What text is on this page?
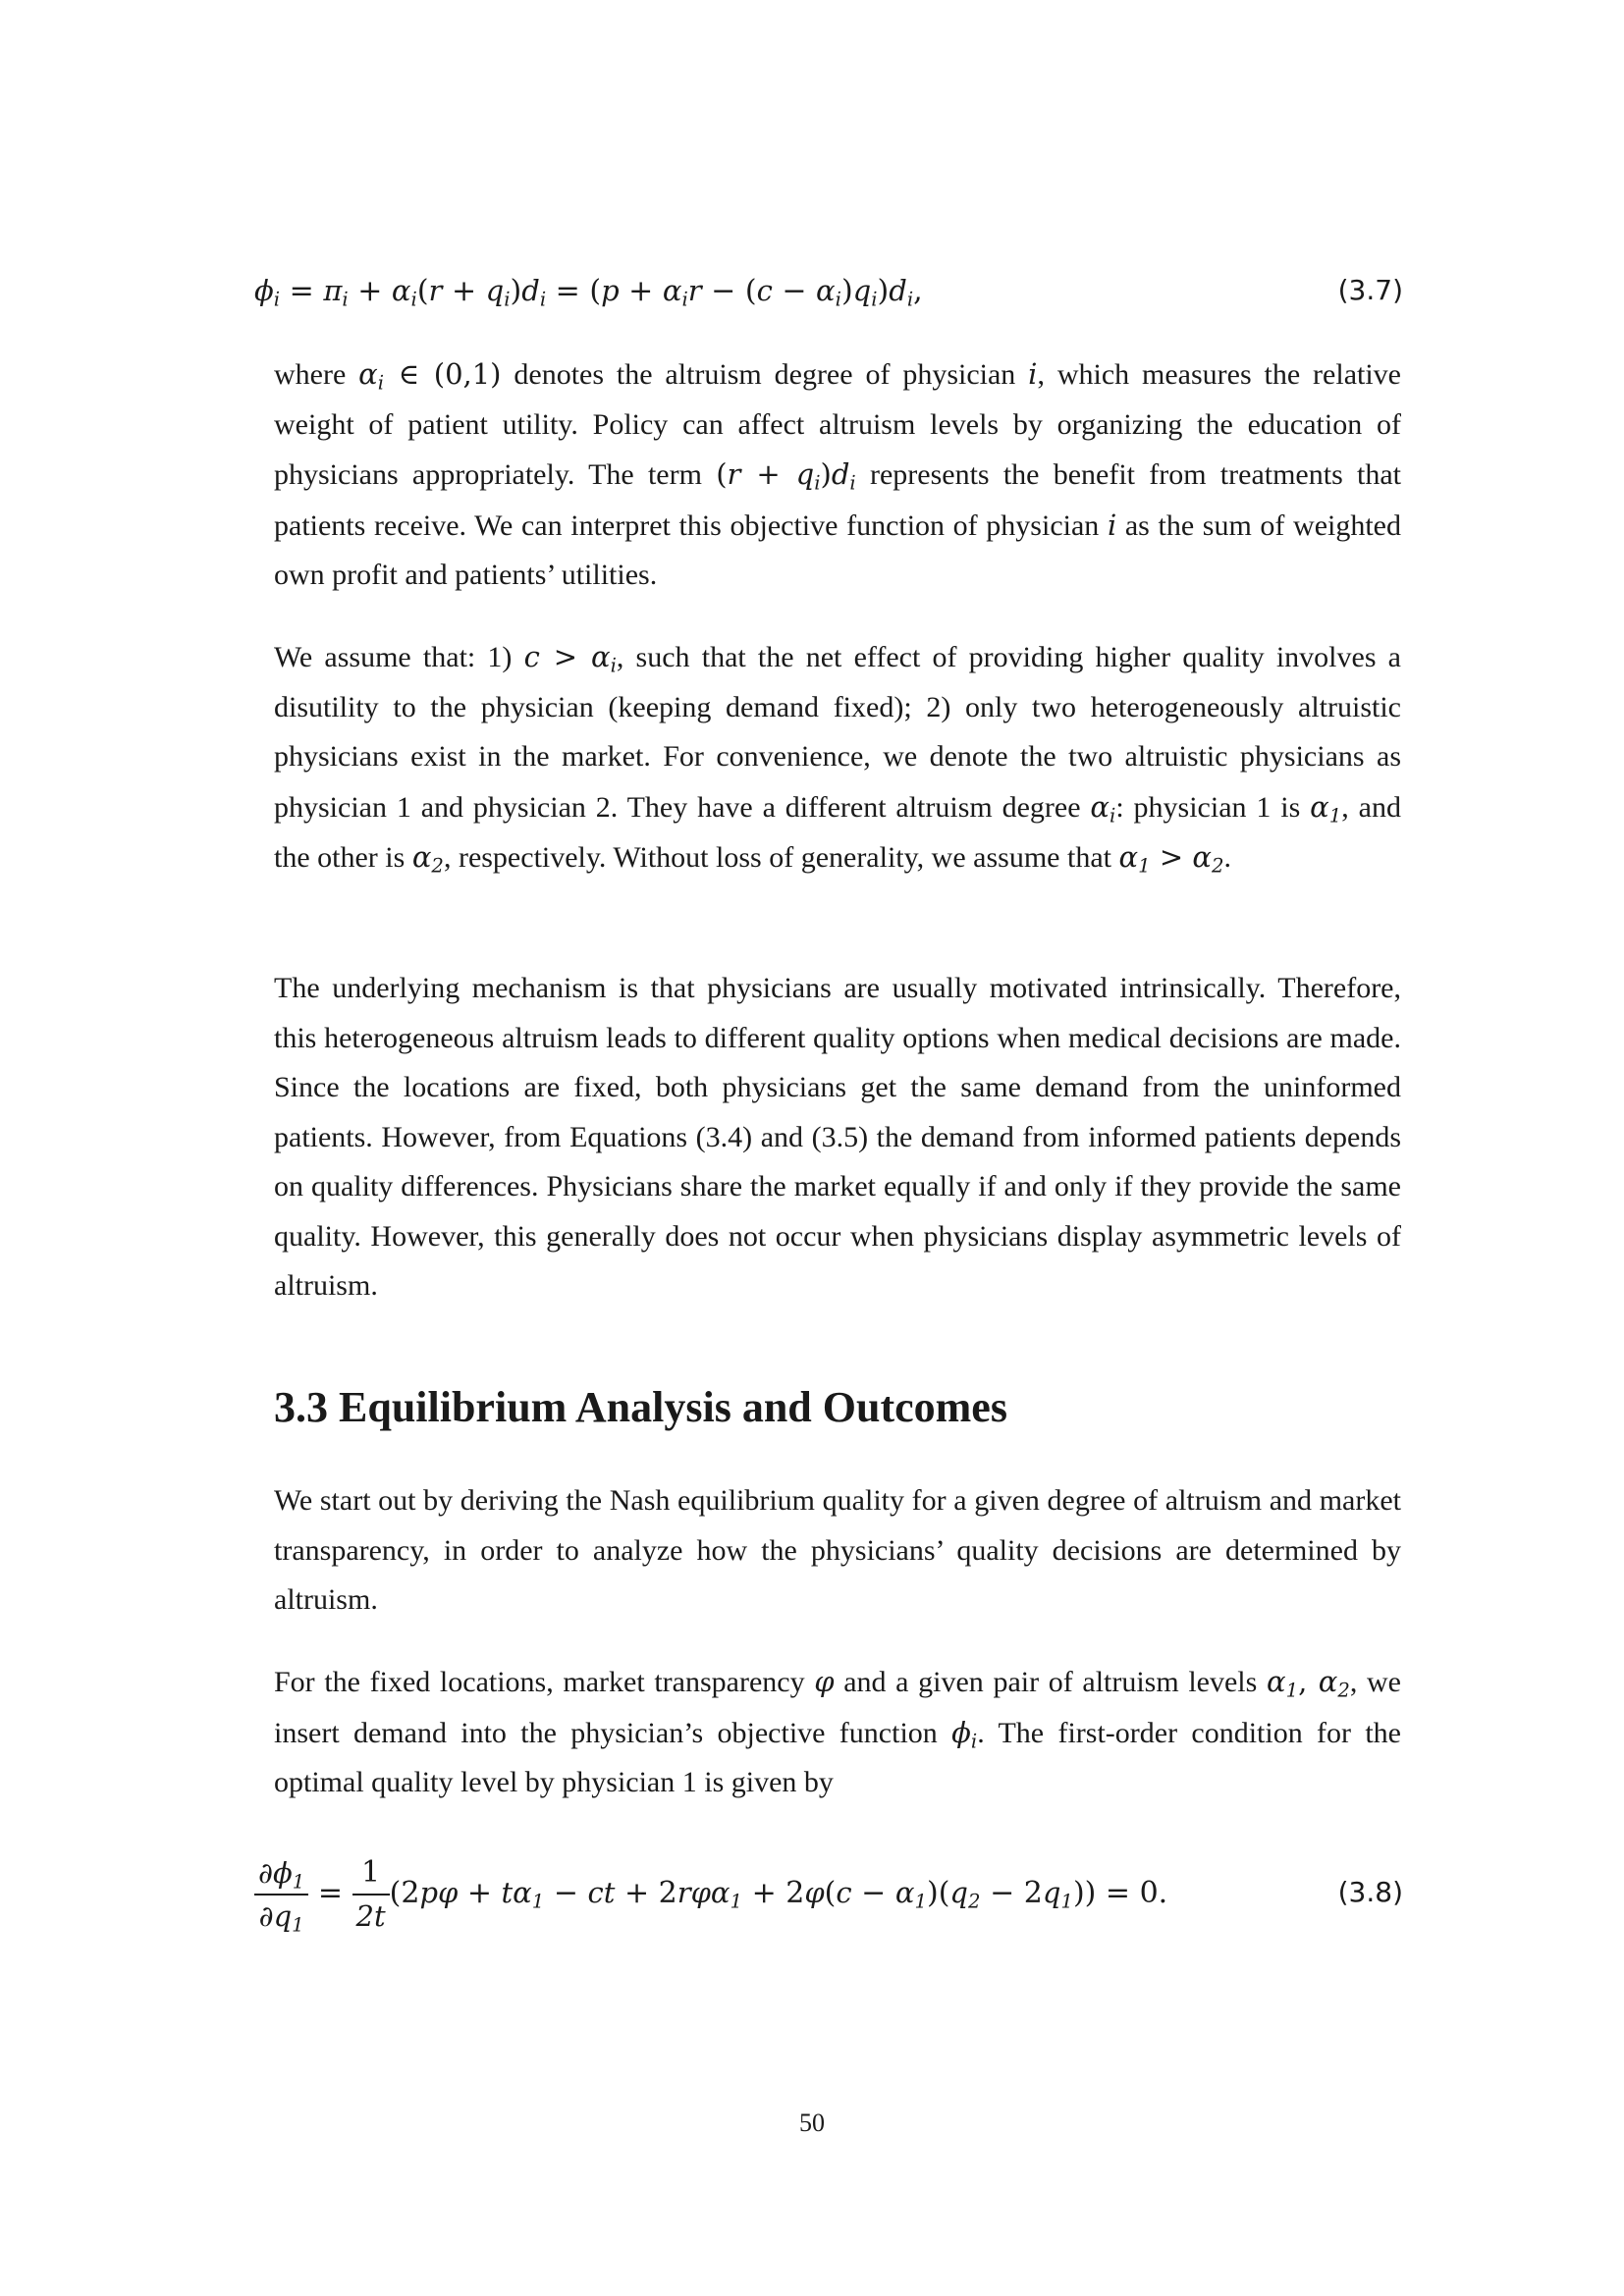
$\phi_i = \pi_i + \alpha_i(r + q_i)d_i = (p + \alpha_ir - (c - \alpha_i)q_i)d_i$,	(3.7)

where $\alpha_i$ ∈ (0,1) denotes the altruism degree of physician i, which measures the relative weight of patient utility. Policy can affect altruism levels by organizing the education of physicians appropriately. The term $(r + q_i)d_i$ represents the benefit from treatments that patients receive. We can interpret this objective function of physician i as the sum of weighted own profit and patients’ utilities.

We assume that: 1) $c > \alpha_i$, such that the net effect of providing higher quality involves a disutility to the physician (keeping demand fixed); 2) only two heterogeneously altruistic physicians exist in the market. For convenience, we denote the two altruistic physicians as physician 1 and physician 2. They have a different altruism degree $\alpha_i$: physician 1 is $\alpha_1$, and the other is $\alpha_2$, respectively. Without loss of generality, we assume that $\alpha_1 > \alpha_2$.

The underlying mechanism is that physicians are usually motivated intrinsically. Therefore, this heterogeneous altruism leads to different quality options when medical decisions are made. Since the locations are fixed, both physicians get the same demand from the uninformed patients. However, from Equations (3.4) and (3.5) the demand from informed patients depends on quality differences. Physicians share the market equally if and only if they provide the same quality. However, this generally does not occur when physicians display asymmetric levels of altruism.

3.3 Equilibrium Analysis and Outcomes

We start out by deriving the Nash equilibrium quality for a given degree of altruism and market transparency, in order to analyze how the physicians’ quality decisions are determined by altruism.

For the fixed locations, market transparency φ and a given pair of altruism levels $\alpha_1$, $\alpha_2$, we insert demand into the physician’s objective function $\phi_i$. The first-order condition for the optimal quality level by physician 1 is given by

$\frac{\partial\phi_1}{\partial q_1} = \frac{1}{2t} (2p\varphi + t\alpha_1$ − ct + $2r\varphi\alpha_1 + 2\varphi(c - \alpha_1)(q_2 - 2q_1)) = 0$.	(3.8)
50
